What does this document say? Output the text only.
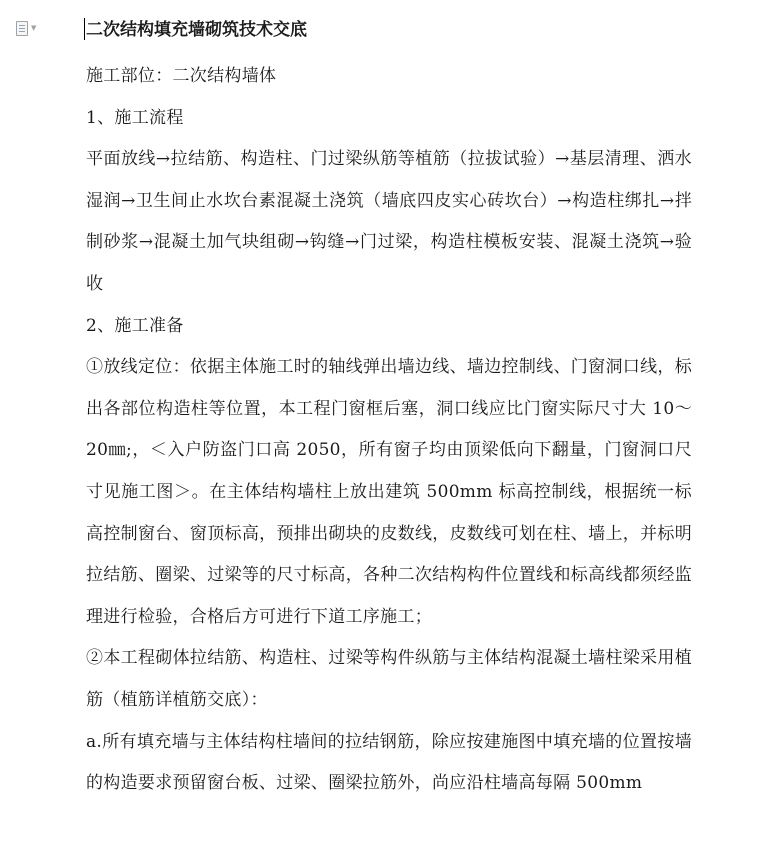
▼	二次结构填充墙砌筑技术交底

施工部位：二次结构墙体

1、施工流程

平面放线→拉结筋、构造柱、门过梁纵筋等植筋（拉拔试验）→基层清理、洒水湿润→卫生间止水坎台素混凝土浇筑（墙底四皮实心砖坎台）→构造柱绑扎→拌制砂浆→混凝土加气块组砌→钩缝→门过梁，构造柱模板安装、混凝土浇筑→验收

2、施工准备

①放线定位：依据主体施工时的轴线弹出墙边线、墙边控制线、门窗洞口线，标出各部位构造柱等位置，本工程门窗框后塞，洞口线应比门窗实际尺寸大 10～20㎜;，＜入户防盗门口高 2050，所有窗子均由顶梁低向下翻量，门窗洞口尺寸见施工图＞。在主体结构墙柱上放出建筑 500mm 标高控制线，根据统一标高控制窗台、窗顶标高，预排出砌块的皮数线，皮数线可划在柱、墙上，并标明拉结筋、圈梁、过梁等的尺寸标高，各种二次结构构件位置线和标高线都须经监理进行检验，合格后方可进行下道工序施工；

②本工程砌体拉结筋、构造柱、过梁等构件纵筋与主体结构混凝土墙柱梁采用植筋（植筋详植筋交底）：

a.所有填充墙与主体结构柱墙间的拉结钢筋，除应按建施图中填充墙的位置按墙的构造要求预留窗台板、过梁、圈梁拉筋外，尚应沿柱墙高每隔 500mm
